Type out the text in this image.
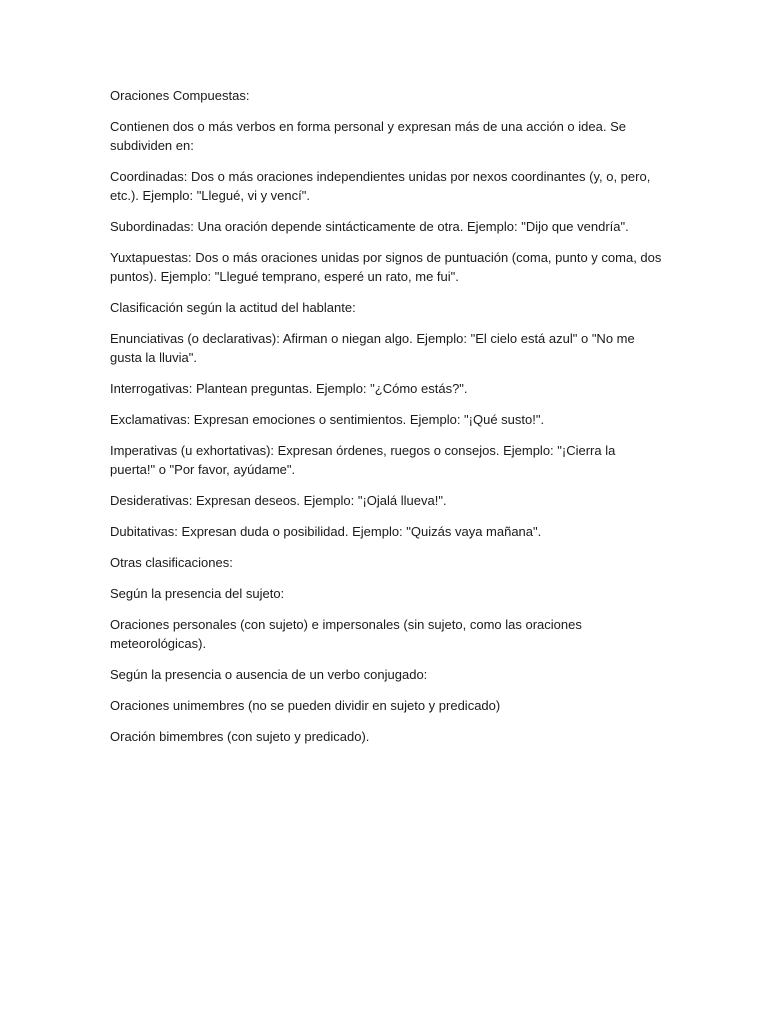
Oraciones Compuestas:

Contienen dos o más verbos en forma personal y expresan más de una acción o idea. Se subdividen en:

Coordinadas: Dos o más oraciones independientes unidas por nexos coordinantes (y, o, pero, etc.). Ejemplo: "Llegué, vi y vencí".

Subordinadas: Una oración depende sintácticamente de otra. Ejemplo: "Dijo que vendría".

Yuxtapuestas: Dos o más oraciones unidas por signos de puntuación (coma, punto y coma, dos puntos). Ejemplo: "Llegué temprano, esperé un rato, me fui".

Clasificación según la actitud del hablante:

Enunciativas (o declarativas): Afirman o niegan algo. Ejemplo: "El cielo está azul" o "No me gusta la lluvia".

Interrogativas: Plantean preguntas. Ejemplo: "¿Cómo estás?".

Exclamativas: Expresan emociones o sentimientos. Ejemplo: "¡Qué susto!".

Imperativas (u exhortativas): Expresan órdenes, ruegos o consejos. Ejemplo: "¡Cierra la puerta!" o "Por favor, ayúdame".

Desiderativas: Expresan deseos. Ejemplo: "¡Ojalá llueva!".

Dubitativas: Expresan duda o posibilidad. Ejemplo: "Quizás vaya mañana".

Otras clasificaciones:

Según la presencia del sujeto:

Oraciones personales (con sujeto) e impersonales (sin sujeto, como las oraciones meteorológicas).

Según la presencia o ausencia de un verbo conjugado:

Oraciones unimembres (no se pueden dividir en sujeto y predicado)

Oración bimembres (con sujeto y predicado).
